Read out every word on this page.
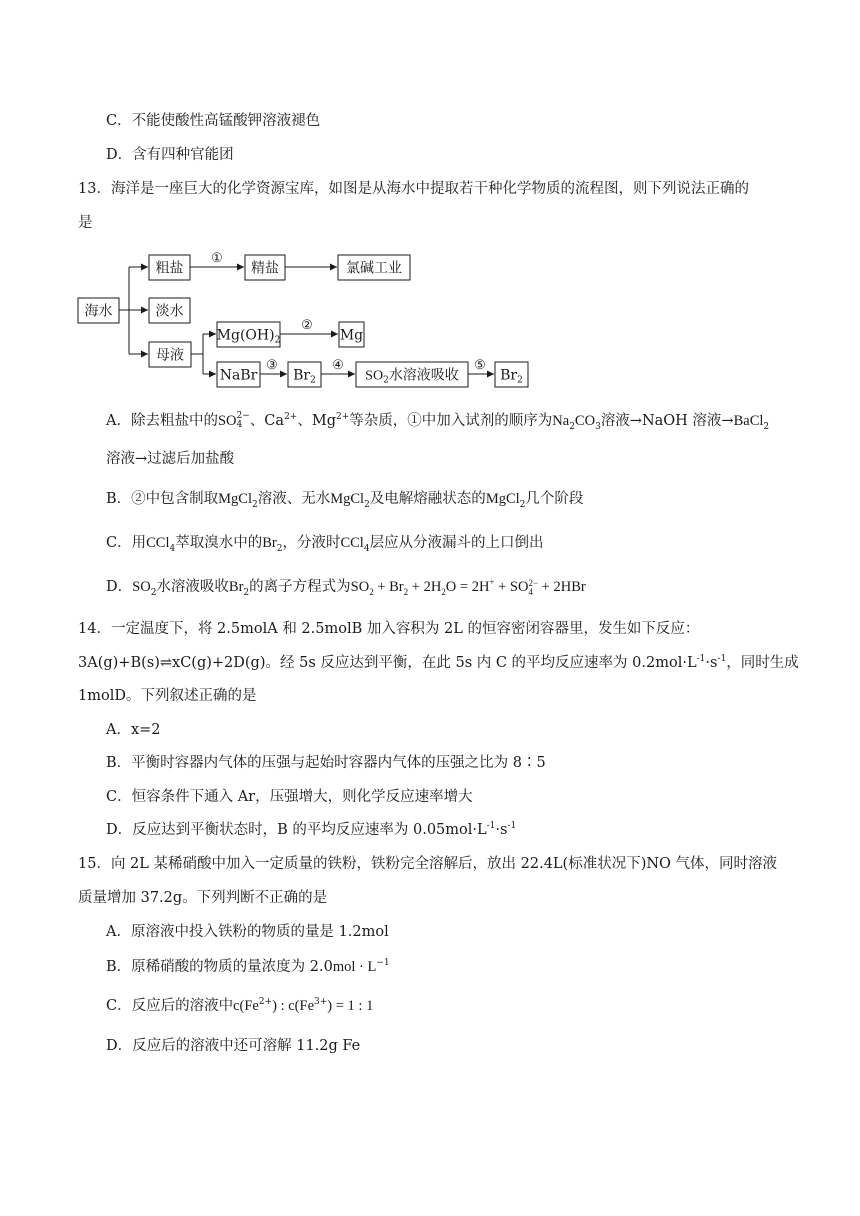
C．不能使酸性高锰酸钾溶液褪色
D．含有四种官能团
13．海洋是一座巨大的化学资源宝库，如图是从海水中提取若干种化学物质的流程图，则下列说法正确的
是
海水
粗盐	精盐	氯碱工业
淡水
母液
$Mg(OH)_2$	Mg
NaBr	$Br_2$	$SO_2$水溶液吸收	$Br_2$
①
②
③	④	⑤
A．除去粗盐中的SO 2−
4 、$Ca^{2+}$、$Mg^{2+}$等杂质，①中加入试剂的顺序为$Na_2CO_3$溶液→NaOH 溶液→BaCl$_2$
溶液→过滤后加盐酸
B．②中包含制取MgCl$_2$溶液、无水MgCl$_2$及电解熔融状态的MgCl$_2$几个阶段
C．用CCl$_4$萃取溴水中的$Br_2$，分液时CCl$_4$层应从分液漏斗的上口倒出
D．$SO_2$水溶液吸收$Br_2$的离子方程式为$SO_2 + Br_2 + 2H_2O = 2H^+$ + SO 2−
4 + 2HBr
14．一定温度下，将 2.5molA 和 2.5molB 加入容积为 2L 的恒容密闭容器里，发生如下反应：
3A(g)+B(s)⇌xC(g)+2D(g)。经 5s 反应达到平衡，在此 5s 内 C 的平均反应速率为 $0.2mol\cdot L^{-1}\cdot s^{-1}$，同时生成
1molD。下列叙述正确的是
A．x=2
B．平衡时容器内气体的压强与起始时容器内气体的压强之比为 8∶5
C．恒容条件下通入 Ar，压强增大，则化学反应速率增大
D．反应达到平衡状态时，B 的平均反应速率为 $0.05mol\cdot L^{-1}\cdot s^{-1}$
15．向 2L 某稀硝酸中加入一定质量的铁粉，铁粉完全溶解后，放出 22.4L(标准状况下)NO 气体，同时溶液
质量增加 37.2g。下列判断不正确的是
A．原溶液中投入铁粉的物质的量是 1.2mol
B．原稀硝酸的物质的量浓度为 $2.0mol \cdot L^{-1}$
C．反应后的溶液中$c(Fe^{2+})$ : $c(Fe^{3+}) = 1$ : 1
D．反应后的溶液中还可溶解 11.2g Fe
